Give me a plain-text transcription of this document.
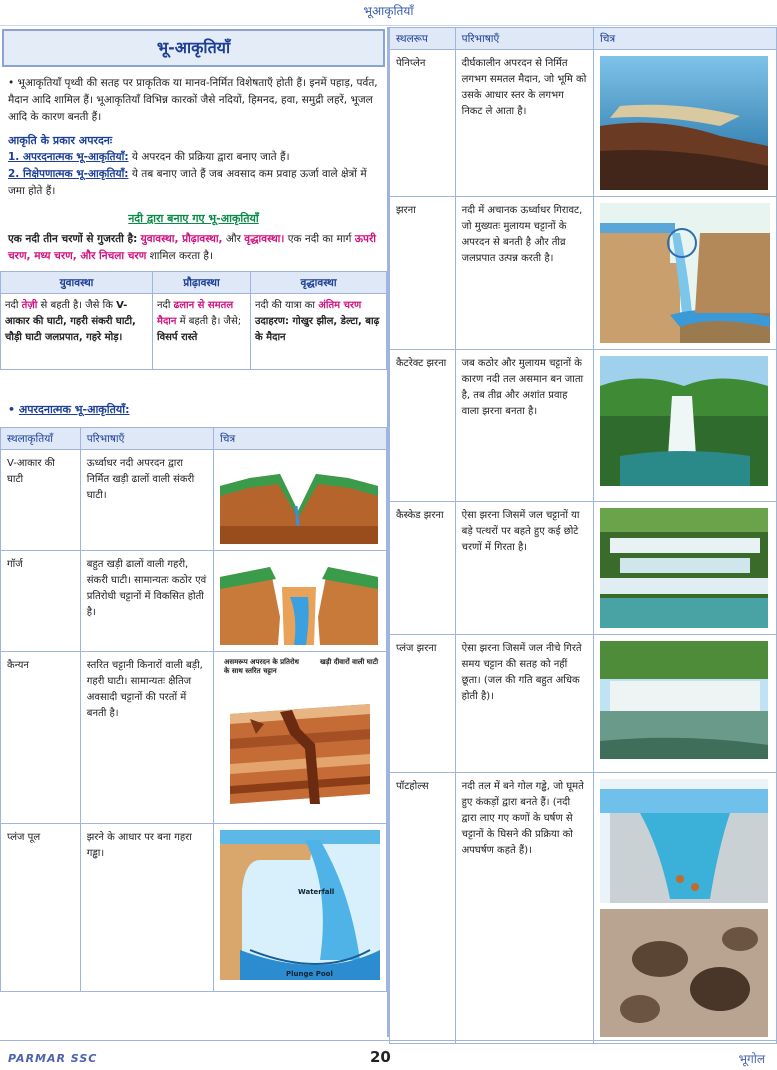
भूआकृतियाँ
भू-आकृतियाँ
• भूआकृतियाँ पृथ्वी की सतह पर प्राकृतिक या मानव-निर्मित विशेषताएँ होती हैं। इनमें पहाड़, पर्वत, मैदान आदि शामिल हैं। भूआकृतियाँ विभिन्न कारकों जैसे नदियों, हिमनद, हवा, समुद्री लहरें, भूजल आदि के कारण बनती हैं।
आकृति के प्रकार अपरदनः
1. अपरदनात्मक भू-आकृतियाँ: ये अपरदन की प्रक्रिया द्वारा बनाए जाते हैं।
2. निक्षेपणात्मक भू-आकृतियाँ: ये तब बनाए जाते हैं जब अवसाद कम प्रवाह ऊर्जा वाले क्षेत्रों में जमा होते हैं।
नदी द्वारा बनाए गए भू-आकृतियाँ
एक नदी तीन चरणों से गुजरती है: युवावस्था, प्रौढ़ावस्था, और वृद्धावस्था। एक नदी का मार्ग ऊपरी चरण, मध्य चरण, और निचला चरण शामिल करता है।
युवावस्था	प्रौढ़ावस्था	वृद्धावस्था
नदी तेज़ी से बहती है। जैसे कि V-आकार की घाटी, गहरी संकरी घाटी, चौड़ी घाटी जलप्रपात, गहरे मोड़।	नदी ढलान से समतल मैदान में बहती है। जैसे; विसर्प रास्ते	नदी की यात्रा का अंतिम चरण
उदाहरण: गोखुर झील, डेल्टा, बाढ़ के मैदान
• अपरदनात्मक भू-आकृतियाँ:
स्थलाकृतियाँ	परिभाषाएँ	चित्र
V-आकार की घाटी	ऊर्ध्वाधर नदी अपरदन द्वारा निर्मित खड़ी ढालों वाली संकरी घाटी।	

गॉर्ज	बहुत खड़ी ढालों वाली गहरी, संकरी घाटी। सामान्यतः कठोर एवं प्रतिरोधी चट्टानों में विकसित होती है।	

कैन्यन	स्तरित चट्टानी किनारों वाली बड़ी, गहरी घाटी। सामान्यतः क्षैतिज अवसादी चट्टानों की परतों में बनती है।	असमरूप अपरदन के प्रतिरोध के साथ स्तरित चट्टान
खड़ी दीवारों वाली घाटी

प्लंज पूल	झरने के आधार पर बना गहरा गड्ढा।	Waterfall
Plunge Pool
स्थलरूप	परिभाषाएँ	चित्र
पेनिप्लेन	दीर्घकालीन अपरदन से निर्मित लगभग समतल मैदान, जो भूमि को उसके आधार स्तर के लगभग निकट ले आता है।	

झरना	नदी में अचानक ऊर्ध्वाधर गिरावट, जो मुख्यतः मुलायम चट्टानों के अपरदन से बनती है और तीव्र जलप्रपात उत्पन्न करती है।	

कैटरेक्ट झरना	जब कठोर और मुलायम चट्टानों के कारण नदी तल असमान बन जाता है, तब तीव्र और अशांत प्रवाह वाला झरना बनता है।	

कैस्केड झरना	ऐसा झरना जिसमें जल चट्टानों या बड़े पत्थरों पर बहते हुए कई छोटे चरणों में गिरता है।	

प्लंज झरना	ऐसा झरना जिसमें जल नीचे गिरते समय चट्टान की सतह को नहीं छूता। (जल की गति बहुत अधिक होती है)।	

पॉटहोल्स	नदी तल में बने गोल गड्ढे, जो घूमते हुए कंकड़ों द्वारा बनते हैं। (नदी द्वारा लाए गए कणों के घर्षण से चट्टानों के घिसने की प्रक्रिया को अपघर्षण कहते हैं)।	
PARMAR SSC	20	भूगोल
